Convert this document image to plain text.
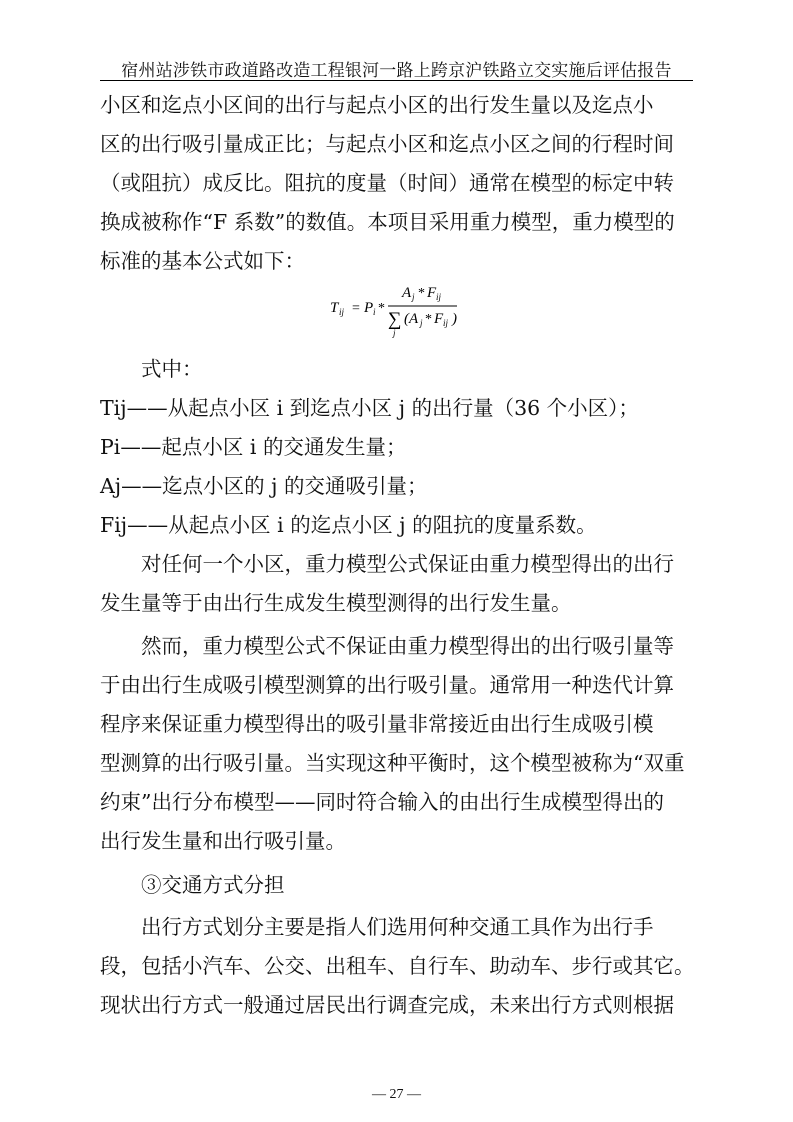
宿州站涉铁市政道路改造工程银河一路上跨京沪铁路立交实施后评估报告
小区和迄点小区间的出行与起点小区的出行发生量以及迄点小
区的出行吸引量成正比；与起点小区和迄点小区之间的行程时间
（或阻抗）成反比。阻抗的度量（时间）通常在模型的标定中转
换成被称作“F 系数”的数值。本项目采用重力模型，重力模型的
标准的基本公式如下：
T ij = P i *
A j * F ij
∑
j
(A j * F ij )
式中：
Tij——从起点小区 i 到迄点小区 j 的出行量（36 个小区）；
Pi——起点小区 i 的交通发生量；
Aj——迄点小区的 j 的交通吸引量；
Fij——从起点小区 i 的迄点小区 j 的阻抗的度量系数。
对任何一个小区，重力模型公式保证由重力模型得出的出行
发生量等于由出行生成发生模型测得的出行发生量。
然而，重力模型公式不保证由重力模型得出的出行吸引量等
于由出行生成吸引模型测算的出行吸引量。通常用一种迭代计算
程序来保证重力模型得出的吸引量非常接近由出行生成吸引模
型测算的出行吸引量。当实现这种平衡时，这个模型被称为“双重
约束”出行分布模型——同时符合输入的由出行生成模型得出的
出行发生量和出行吸引量。
③交通方式分担
出行方式划分主要是指人们选用何种交通工具作为出行手
段，包括小汽车、公交、出租车、自行车、助动车、步行或其它。
现状出行方式一般通过居民出行调查完成，未来出行方式则根据
— 27 —
